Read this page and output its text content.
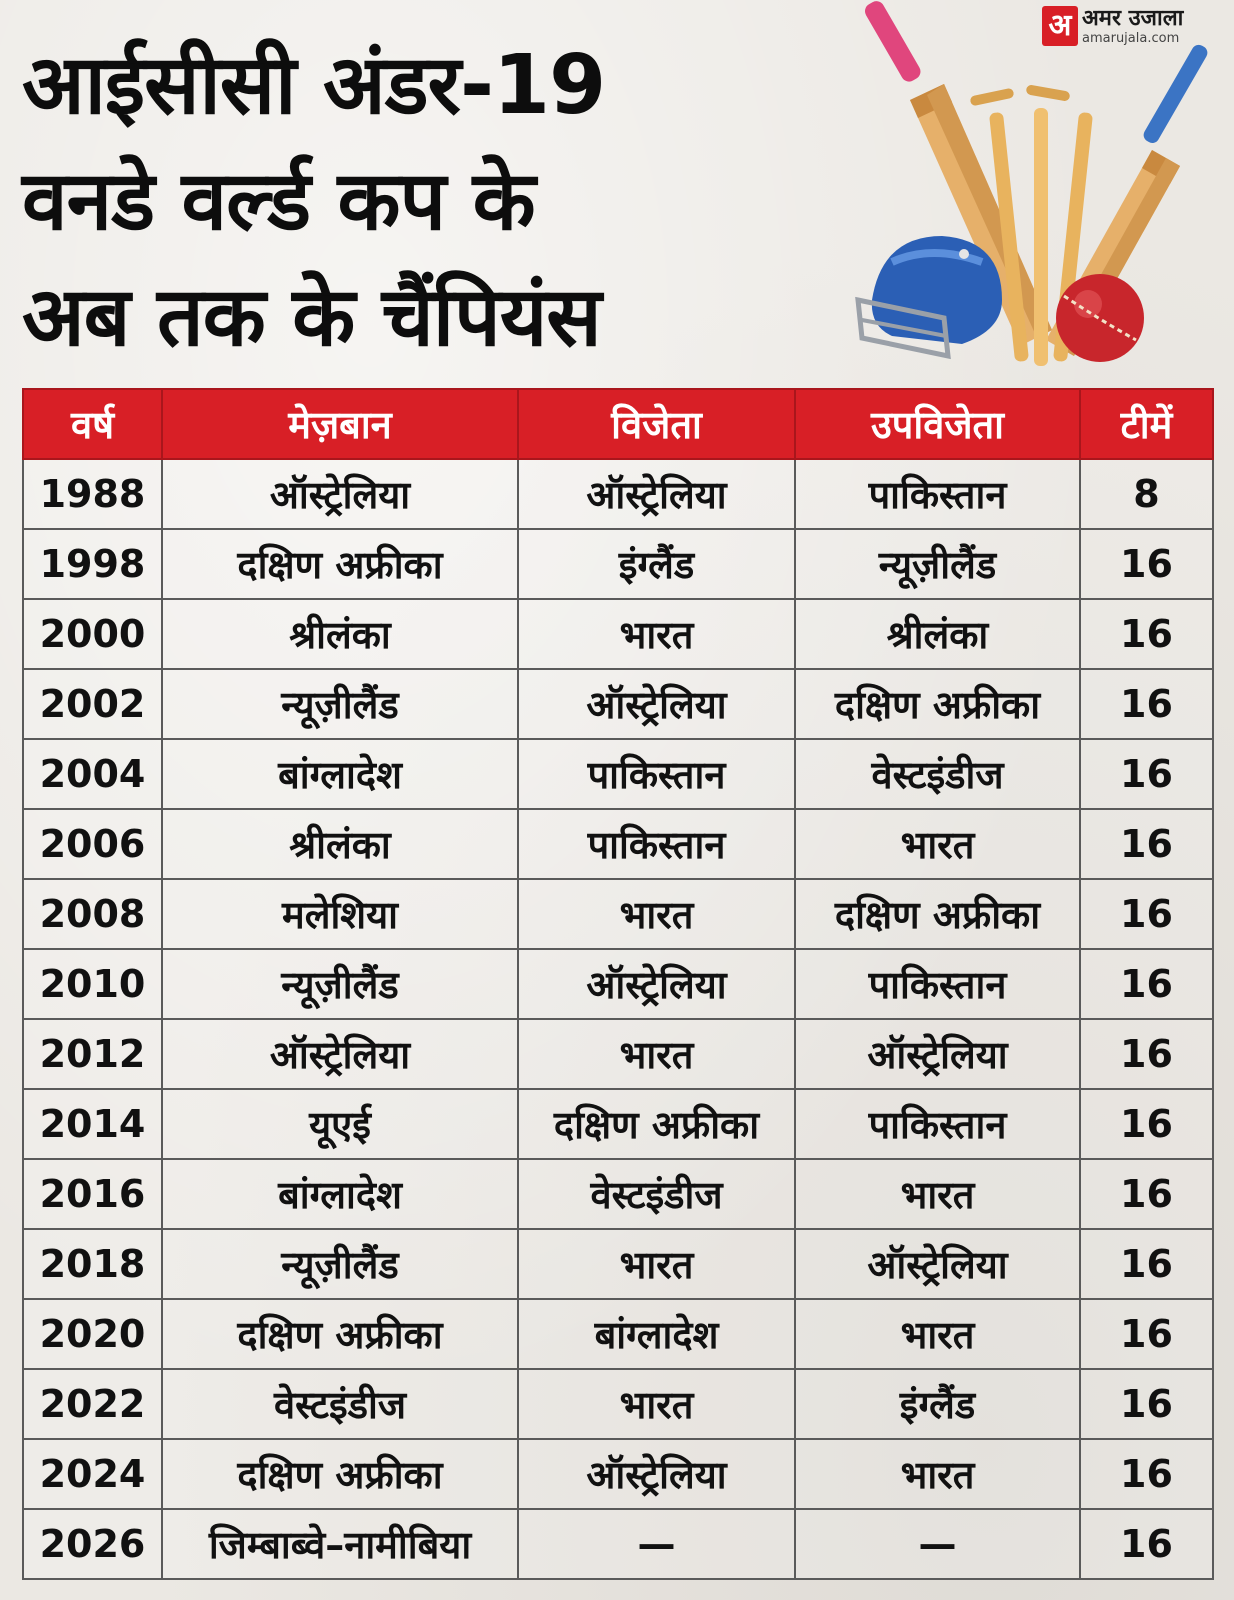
अ अमर उजाला
amarujala.com
आईसीसी अंडर-19
वनडे वर्ल्ड कप के
अब तक के चैंपियंस
वर्ष	मेज़बान	विजेता	उपविजेता	टीमें
1988	ऑस्ट्रेलिया	ऑस्ट्रेलिया	पाकिस्तान	8
1998	दक्षिण अफ्रीका	इंग्लैंड	न्यूज़ीलैंड	16
2000	श्रीलंका	भारत	श्रीलंका	16
2002	न्यूज़ीलैंड	ऑस्ट्रेलिया	दक्षिण अफ्रीका	16
2004	बांग्लादेश	पाकिस्तान	वेस्टइंडीज	16
2006	श्रीलंका	पाकिस्तान	भारत	16
2008	मलेशिया	भारत	दक्षिण अफ्रीका	16
2010	न्यूज़ीलैंड	ऑस्ट्रेलिया	पाकिस्तान	16
2012	ऑस्ट्रेलिया	भारत	ऑस्ट्रेलिया	16
2014	यूएई	दक्षिण अफ्रीका	पाकिस्तान	16
2016	बांग्लादेश	वेस्टइंडीज	भारत	16
2018	न्यूज़ीलैंड	भारत	ऑस्ट्रेलिया	16
2020	दक्षिण अफ्रीका	बांग्लादेश	भारत	16
2022	वेस्टइंडीज	भारत	इंग्लैंड	16
2024	दक्षिण अफ्रीका	ऑस्ट्रेलिया	भारत	16
2026	जिम्बाब्वे–नामीबिया	—	—	16
